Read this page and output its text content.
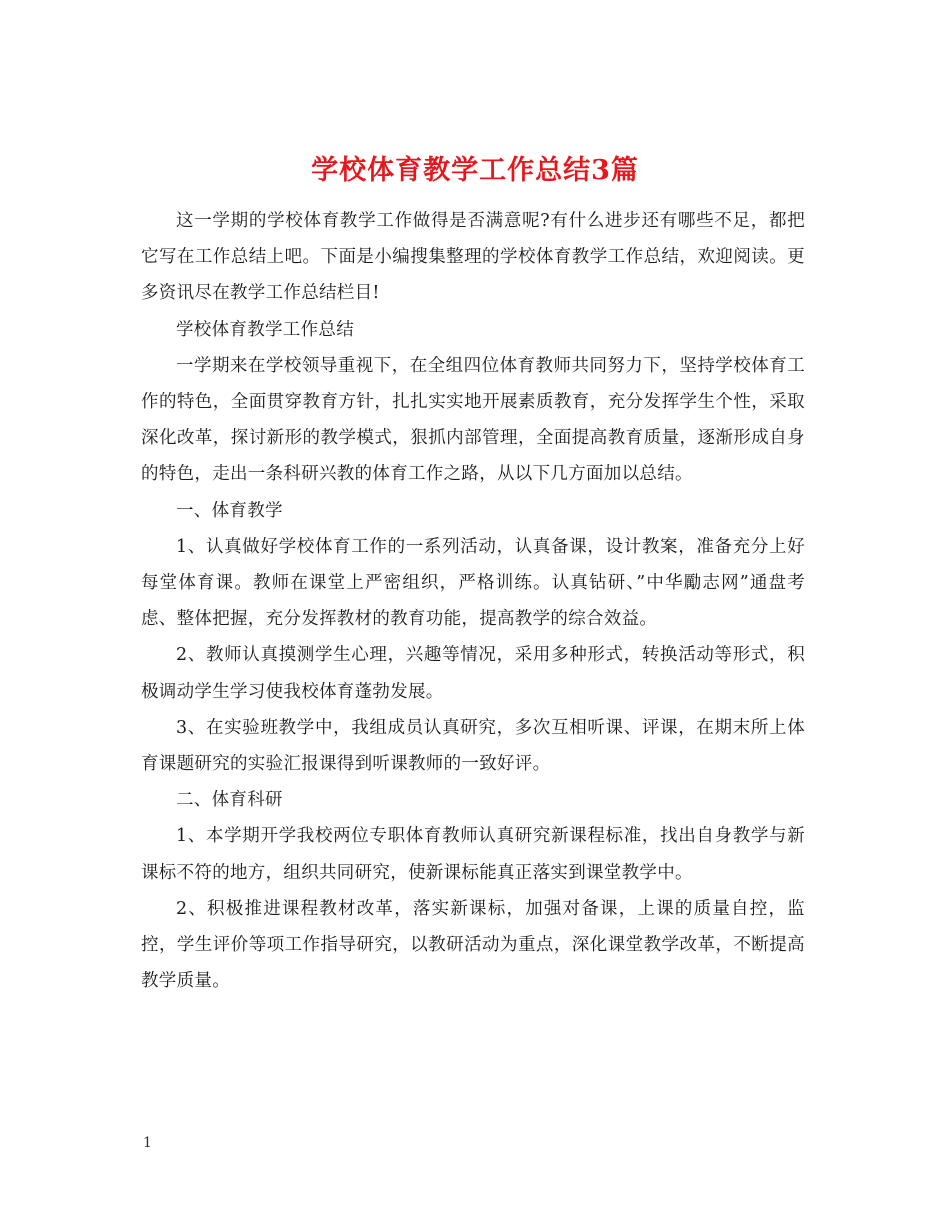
学校体育教学工作总结3篇

这一学期的学校体育教学工作做得是否满意呢?有什么进步还有哪些不足，都把它写在工作总结上吧。下面是小编搜集整理的学校体育教学工作总结，欢迎阅读。更多资讯尽在教学工作总结栏目!

学校体育教学工作总结

一学期来在学校领导重视下，在全组四位体育教师共同努力下，坚持学校体育工作的特色，全面贯穿教育方针，扎扎实实地开展素质教育，充分发挥学生个性，采取深化改革，探讨新形的教学模式，狠抓内部管理，全面提高教育质量，逐渐形成自身的特色，走出一条科研兴教的体育工作之路，从以下几方面加以总结。

一、体育教学

1、认真做好学校体育工作的一系列活动，认真备课，设计教案，准备充分上好每堂体育课。教师在课堂上严密组织，严格训练。认真钻研、”中华勵志网”通盘考虑、整体把握，充分发挥教材的教育功能，提高教学的综合效益。

2、教师认真摸测学生心理，兴趣等情况，采用多种形式，转换活动等形式，积极调动学生学习使我校体育蓬勃发展。

3、在实验班教学中，我组成员认真研究，多次互相听课、评课，在期末所上体育课题研究的实验汇报课得到听课教师的一致好评。

二、体育科研

1、本学期开学我校两位专职体育教师认真研究新课程标准，找出自身教学与新课标不符的地方，组织共同研究，使新课标能真正落实到课堂教学中。

2、积极推进课程教材改革，落实新课标，加强对备课，上课的质量自控，监控，学生评价等项工作指导研究，以教研活动为重点，深化课堂教学改革，不断提高教学质量。

1
